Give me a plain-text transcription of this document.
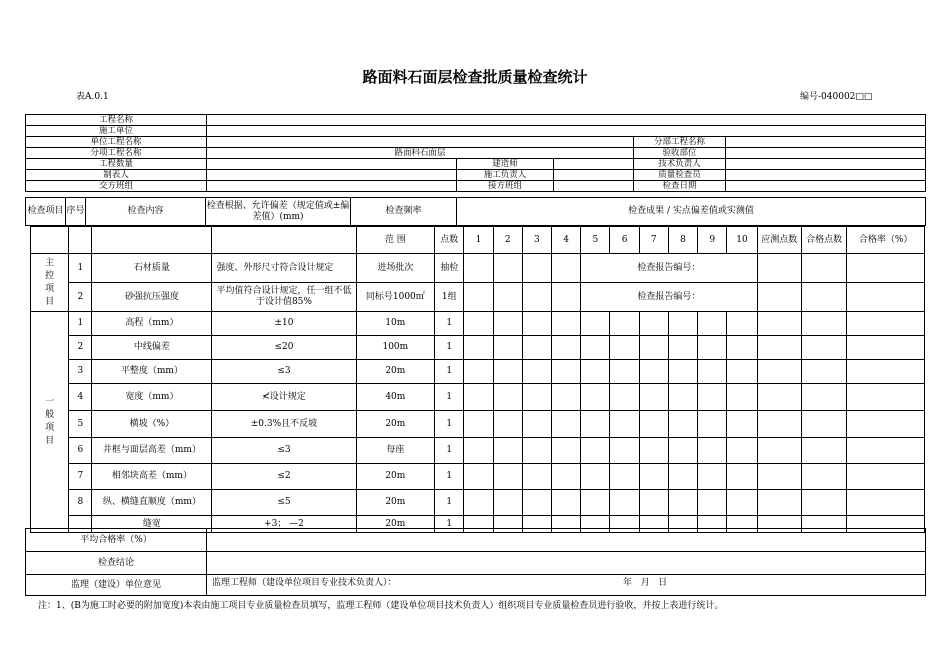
路面料石面层检查批质量检查统计
表A.0.1	编号-040002□□
工程名称					
施工单位					
单位工程名称				分部工程名称	
分项工程名称	路面料石面层			验收部位	
工程数量		建造师		技术负责人	
制表人		施工负责人		质量检查员	
交方班组		接方班组		检查日期	
检查项目	序号	检查内容	检查根据、允许偏差（规定值或±偏差值）(mm)	检查频率	检查成果 / 实点偏差值或实测值
				范 围	点数	1	2	3	4	5	6	7	8	9	10	应测点数	合格点数	合格率（%）
主控项目	1	石材质量	强度、外形尺寸符合设计规定	进场批次	抽检					检查报告编号：								
	2	砂强抗压强度	平均值符合设计规定，任一组不低于设计值85%	同标号1000㎡	1组					检查报告编号：								
一般项目	1	高程（mm）	±10	10m	1													
	2	中线偏差	≤20	100m	1													
	3	平整度（mm）	≤3	20m	1													
	4	宽度（mm）	≮设计规定	40m	1													
	5	横坡（%）	±0.3%且不反坡	20m	1													
	6	井框与面层高差（mm）	≤3	每座	1													
	7	相邻块高差（mm）	≤2	20m	1													
	8	纵、横缝直顺度（mm）	≤5	20m	1													
		缝宽	+3； —2	20m	1													
平均合格率（%）	
检查结论	
监理（建设）单位意见	监理工程师（建设单位项目专业技术负责人）： 年   月   日
注：1、(B为施工时必要的附加宽度)本表由施工项目专业质量检查员填写，监理工程师（建设单位项目技术负责人）组织项目专业质量检查员进行验收，并按上表进行统计。
